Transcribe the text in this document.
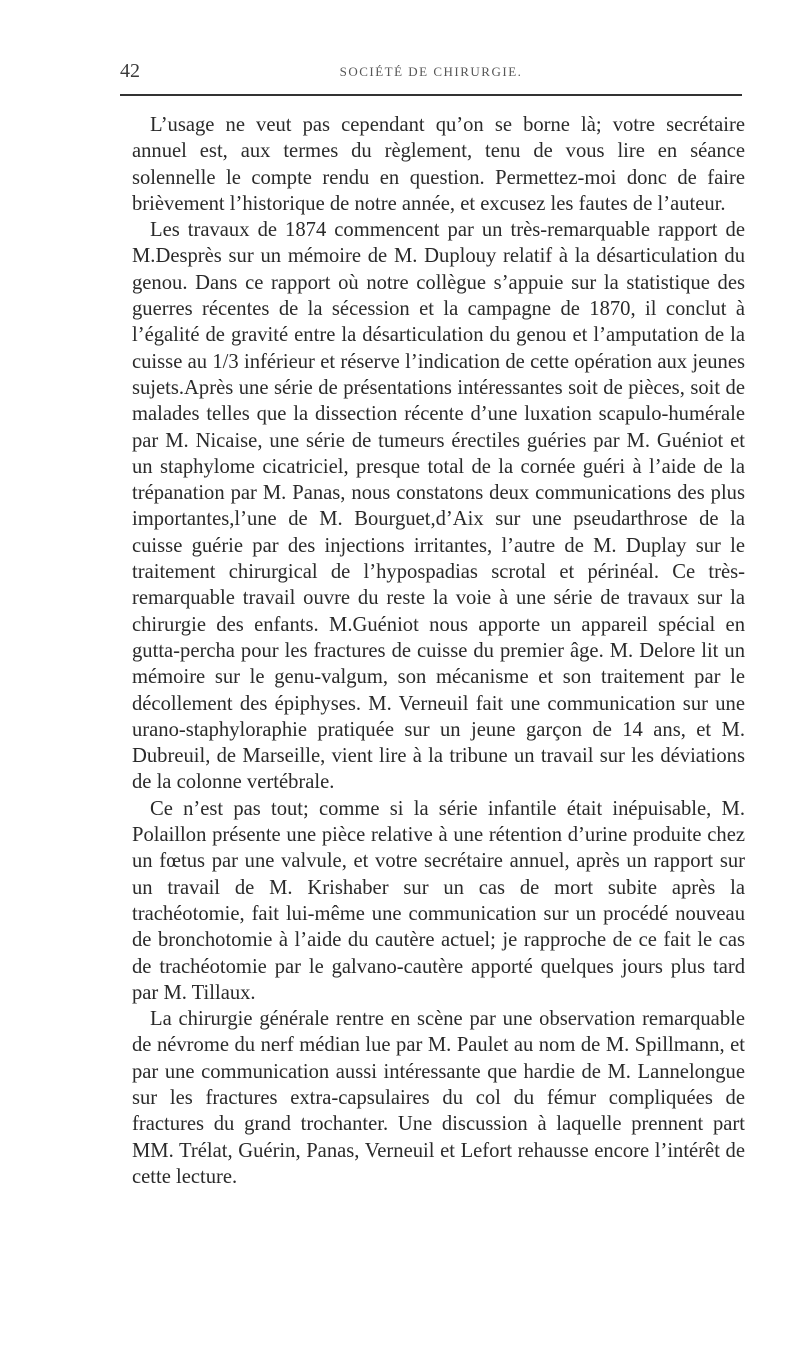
42	SOCIÉTÉ DE CHIRURGIE.

L’usage ne veut pas cependant qu’on se borne là; votre secrétaire annuel est, aux termes du règlement, tenu de vous lire en séance solennelle le compte rendu en question. Permettez-moi donc de faire brièvement l’historique de notre année, et excusez les fautes de l’auteur.

Les travaux de 1874 commencent par un très-remarquable rapport de M.Desprès sur un mémoire de M. Duplouy relatif à la désarticulation du genou. Dans ce rapport où notre collègue s’appuie sur la statistique des guerres récentes de la sécession et la campagne de 1870, il conclut à l’égalité de gravité entre la désarticulation du genou et l’amputation de la cuisse au 1/3 inférieur et réserve l’indication de cette opération aux jeunes sujets.Après une série de présentations intéressantes soit de pièces, soit de malades telles que la dissection récente d’une luxation scapulo-humérale par M. Nicaise, une série de tumeurs érectiles guéries par M. Guéniot et un staphylome cicatriciel, presque total de la cornée guéri à l’aide de la trépanation par M. Panas, nous constatons deux communications des plus importantes,l’une de M. Bourguet,d’Aix sur une pseudarthrose de la cuisse guérie par des injections irritantes, l’autre de M. Duplay sur le traitement chirurgical de l’hypospadias scrotal et périnéal. Ce très-remarquable travail ouvre du reste la voie à une série de travaux sur la chirurgie des enfants. M.Guéniot nous apporte un appareil spécial en gutta-percha pour les fractures de cuisse du premier âge. M. Delore lit un mémoire sur le genu-valgum, son mécanisme et son traitement par le décollement des épiphyses. M. Verneuil fait une communication sur une urano-staphyloraphie pratiquée sur un jeune garçon de 14 ans, et M. Dubreuil, de Marseille, vient lire à la tribune un travail sur les déviations de la colonne vertébrale.

Ce n’est pas tout; comme si la série infantile était inépuisable, M. Polaillon présente une pièce relative à une rétention d’urine produite chez un fœtus par une valvule, et votre secrétaire annuel, après un rapport sur un travail de M. Krishaber sur un cas de mort subite après la trachéotomie, fait lui-même une communication sur un procédé nouveau de bronchotomie à l’aide du cautère actuel; je rapproche de ce fait le cas de trachéotomie par le galvano-cautère apporté quelques jours plus tard par M. Tillaux.

La chirurgie générale rentre en scène par une observation remarquable de névrome du nerf médian lue par M. Paulet au nom de M. Spillmann, et par une communication aussi intéressante que hardie de M. Lannelongue sur les fractures extra-capsulaires du col du fémur compliquées de fractures du grand trochanter. Une discussion à laquelle prennent part MM. Trélat, Guérin, Panas, Verneuil et Lefort rehausse encore l’intérêt de cette lecture.
